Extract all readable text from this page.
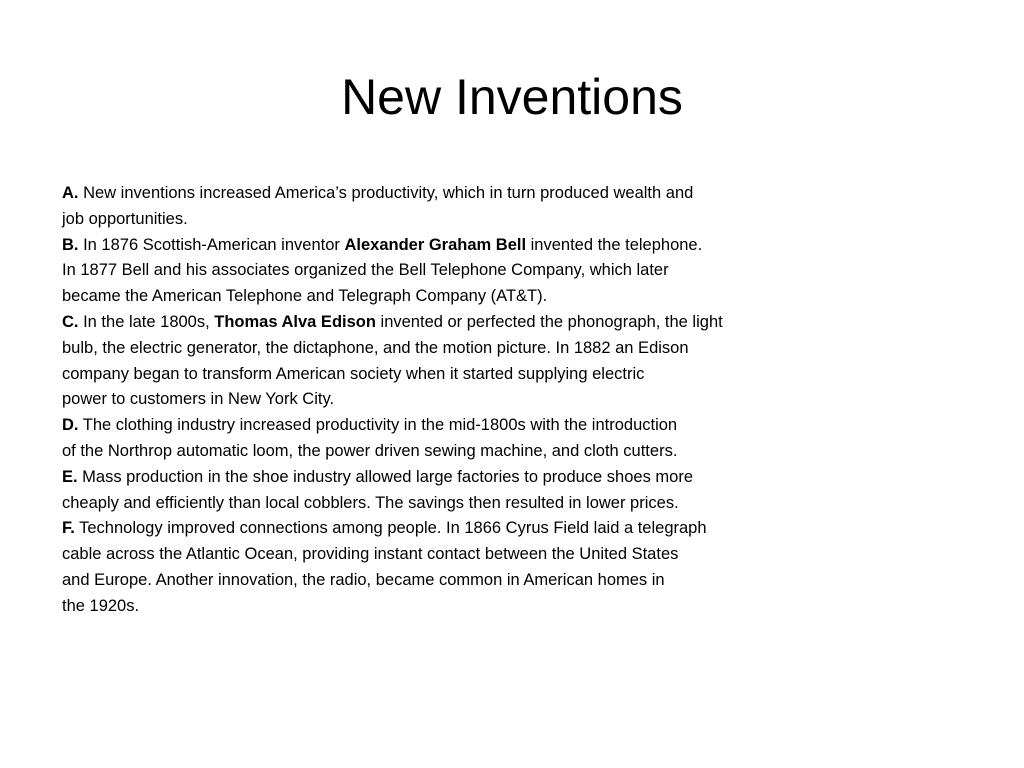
New Inventions
A. New inventions increased America’s productivity, which in turn produced wealth and
job opportunities.
B. In 1876 Scottish-American inventor Alexander Graham Bell invented the telephone.
In 1877 Bell and his associates organized the Bell Telephone Company, which later
became the American Telephone and Telegraph Company (AT&T).
C. In the late 1800s, Thomas Alva Edison invented or perfected the phonograph, the light
bulb, the electric generator, the dictaphone, and the motion picture. In 1882 an Edison
company began to transform American society when it started supplying electric
power to customers in New York City.
D. The clothing industry increased productivity in the mid-1800s with the introduction
of the Northrop automatic loom, the power driven sewing machine, and cloth cutters.
E. Mass production in the shoe industry allowed large factories to produce shoes more
cheaply and efficiently than local cobblers. The savings then resulted in lower prices.
F. Technology improved connections among people. In 1866 Cyrus Field laid a telegraph
cable across the Atlantic Ocean, providing instant contact between the United States
and Europe. Another innovation, the radio, became common in American homes in
the 1920s.
